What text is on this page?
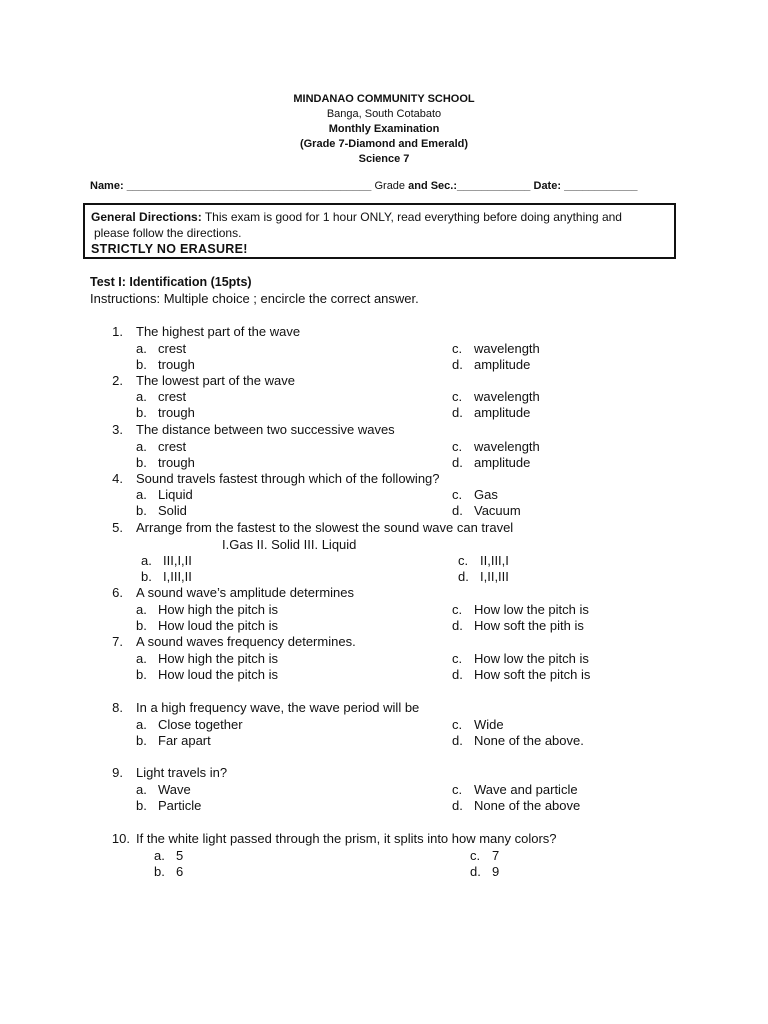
MINDANAO COMMUNITY SCHOOL
Banga, South Cotabato
Monthly Examination
(Grade 7-Diamond and Emerald)
Science 7
Name: ________________________________________ Grade and Sec.:____________ Date: ____________
General Directions: This exam is good for 1 hour ONLY, read everything before doing anything and
please follow the directions.
STRICTLY NO ERASURE!
Test I: Identification (15pts)
Instructions: Multiple choice ; encircle the correct answer.
1. The highest part of the wave
a. crest
b. trough
c. wavelength
d. amplitude
2. The lowest part of the wave
a. crest
b. trough
c. wavelength
d. amplitude
3. The distance between two successive waves
a. crest
b. trough
c. wavelength
d. amplitude
4. Sound travels fastest through which of the following?
a. Liquid
b. Solid
c. Gas
d. Vacuum
5. Arrange from the fastest to the slowest the sound wave can travel
I.Gas II. Solid III. Liquid
a. III,I,II
b. I,III,II
c. II,III,I
d. I,II,III
6. A sound wave’s amplitude determines
a. How high the pitch is
b. How loud the pitch is
c. How low the pitch is
d. How soft the pith is
7. A sound waves frequency determines.
a. How high the pitch is
b. How loud the pitch is
c. How low the pitch is
d. How soft the pitch is
8. In a high frequency wave, the wave period will be
a. Close together
b. Far apart
c. Wide
d. None of the above.
9. Light travels in?
a. Wave
b. Particle
c. Wave and particle
d. None of the above
10. If the white light passed through the prism, it splits into how many colors?
a. 5
b. 6
c. 7
d. 9
